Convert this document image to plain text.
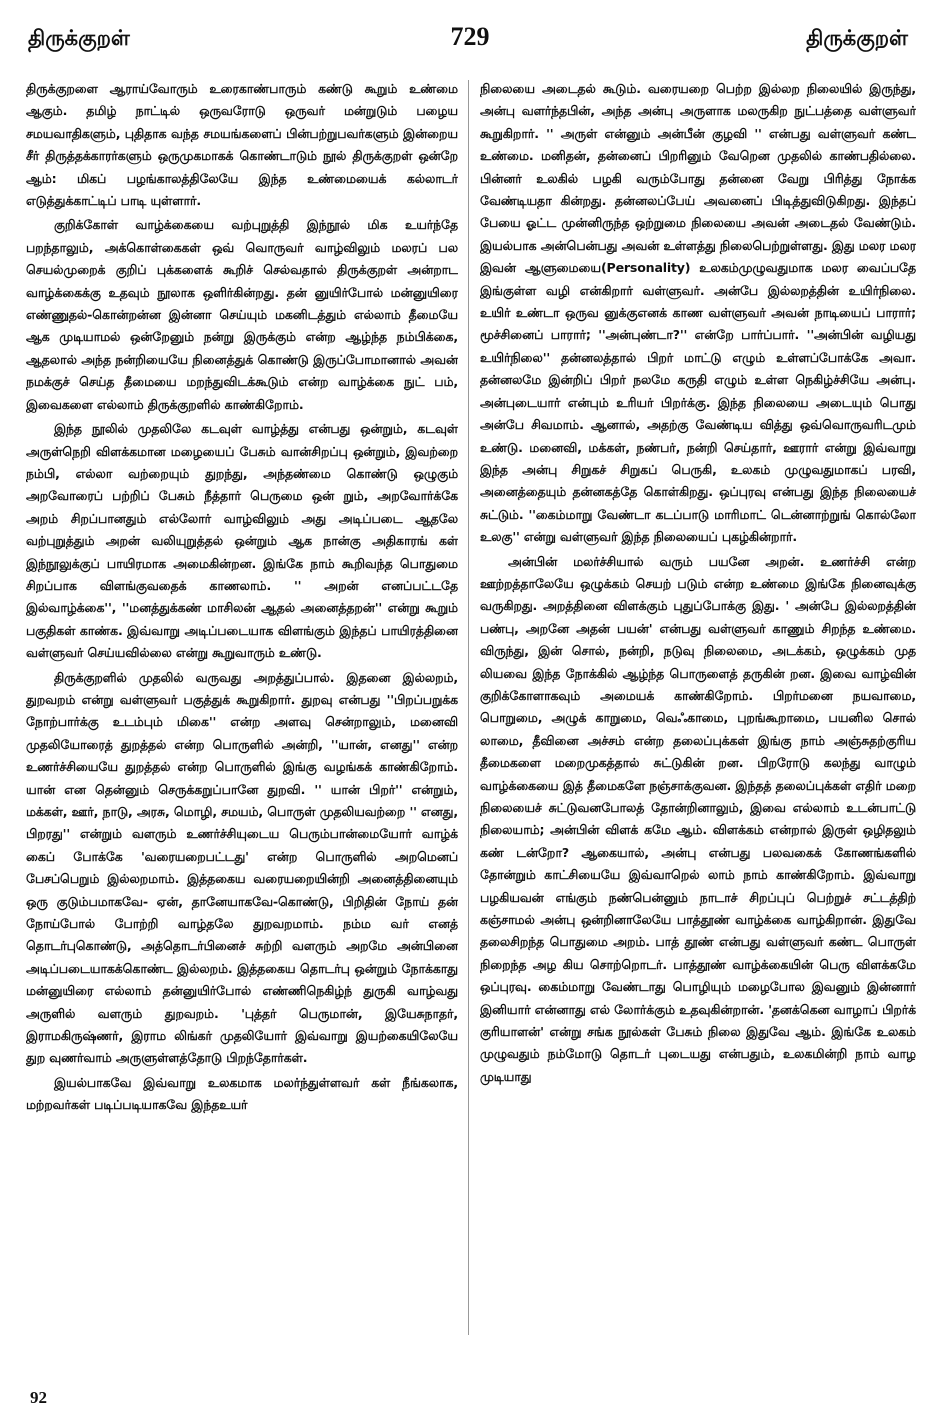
திருக்குறள்	729	திருக்குறள்

திருக்குறளை ஆராய்வோரும் உரைகாண்பாரும் கண்டு கூறும் உண்மை ஆகும். தமிழ் நாட்டில் ஒருவரோடு ஒருவர் மன்றுடும் பழைய சமயவாதிகளும், புதிதாக வந்த சமயங்களைப் பின்பற்றுபவர்களும் இன்றைய சீர் திருத்தக்காரர்களும் ஒருமுகமாகக் கொண்டாடும் நூல் திருக்குறள் ஒன்றே ஆம்: மிகப் பழங்காலத்திலேயே இந்த உண்மையைக் கல்லாடர் எடுத்துக்காட்டிப் பாடி யுள்ளார்.

குறிக்கோள் வாழ்க்கையை வற்புறுத்தி இந்நூல் மிக உயர்ந்தே பறந்தாலும், அக்கொள்கைகள் ஒவ் வொருவர் வாழ்விலும் மலரப் பல செயல்முறைக் குறிப் புக்களைக் கூறிச் செல்வதால் திருக்குறள் அன்றாட வாழ்க்கைக்கு உதவும் நூலாக ஒளிர்கின்றது. தன் னுயிர்போல் மன்னுயிரை எண்ணுதல்-கொன்றன்ன இன்னா செய்யும் மகனிடத்தும் எல்லாம் தீமையே ஆக முடியாமல் ஒன்றேனும் நன்று இருக்கும் என்ற ஆழ்ந்த நம்பிக்கை, ஆதலால் அந்த நன்றியையே நினைத்துக் கொண்டு இருப்போமானால் அவன் நமக்குச் செய்த தீமையை மறந்துவிடக்கூடும் என்ற வாழ்க்கை நுட் பம், இவைகளை எல்லாம் திருக்குறளில் காண்கிறோம்.

இந்த நூலில் முதலிலே கடவுள் வாழ்த்து என்பது ஒன்றும், கடவுள் அருள்நெறி விளக்கமான மழையைப் பேசும் வான்சிறப்பு ஒன்றும், இவற்றை நம்பி, எல்லா வற்றையும் துறந்து, அந்தண்மை கொண்டு ஒழுகும் அறவோரைப் பற்றிப் பேசும் நீத்தார் பெருமை ஒன் றும், அறவோர்க்கே அறம் சிறப்பானதும் எல்லோர் வாழ்விலும் அது அடிப்படை ஆதலே வற்புறுத்தும் அறன் வலியுறுத்தல் ஒன்றும் ஆக நான்கு அதிகாரங் கள் இந்நூலுக்குப் பாயிரமாக அமைகின்றன. இங்கே நாம் கூறிவந்த பொதுமை சிறப்பாக விளங்குவதைக் காணலாம். '' அறன் எனப்பட்டதே இல்வாழ்க்கை'', ''மனத்துக்கண் மாசிலன் ஆதல் அனைத்தறன்'' என்று கூறும் பகுதிகள் காண்க. இவ்வாறு அடிப்படையாக விளங்கும் இந்தப் பாயிரத்தினை வள்ளுவர் செய்யவில்லை என்று கூறுவாரும் உண்டு.

திருக்குறளில் முதலில் வருவது அறத்துப்பால். இதனை இல்லறம், துறவறம் என்று வள்ளுவர் பகுத்துக் கூறுகிறார். துறவு என்பது ''பிறப்பறுக்க நோற்பார்க்கு உடம்பும் மிகை'' என்ற அளவு சென்றாலும், மனைவி முதலியோரைத் துறத்தல் என்ற பொருளில் அன்றி, ''யான், எனது'' என்ற உணர்ச்சியையே துறத்தல் என்ற பொருளில் இங்கு வழங்கக் காண்கிறோம். யான் என தென்னும் செருக்கறுப்பானே துறவி. '' யான் பிறர்'' என்றும், மக்கள், ஊர், நாடு, அரசு, மொழி, சமயம், பொருள் முதலியவற்றை '' எனது, பிறரது'' என்றும் வளரும் உணர்ச்சியுடைய பெரும்பான்மையோர் வாழ்க் கைப் போக்கே 'வரையறைபட்டது' என்ற பொருளில் அறமெனப் பேசப்பெறும் இல்லறமாம். இத்தகைய வரையறையின்றி அனைத்தினையும் ஒரு குடும்பமாகவே- ஏன், தானேயாகவே-கொண்டு, பிறிதின் நோய் தன் நோய்போல் போற்றி வாழ்தலே துறவறமாம். நம்ம வர் எனத் தொடர்புகொண்டு, அத்தொடர்பினைச் சுற்றி வளரும் அறமே அன்பினை அடிப்படையாகக்கொண்ட இல்லறம். இத்தகைய தொடர்பு ஒன்றும் நோக்காது மன்னுயிரை எல்லாம் தன்னுயிர்போல் எண்ணிநெகிழ்ந் துருகி வாழ்வது அருளில் வளரும் துறவறம். 'புத்தர் பெருமான், இயேசுநாதர், இராமகிருஷ்ணர், இராம லிங்கர் முதலியோர் இவ்வாறு இயற்கையிலேயே துற வுணர்வாம் அருளுள்ளத்தோடு பிறந்தோர்கள்.

இயல்பாகவே இவ்வாறு உலகமாக மலர்ந்துள்ளவர் கள் நீங்கலாக, மற்றவர்கள் படிப்படியாகவே இந்தஉயர்

நிலையை அடைதல் கூடும். வரையறை பெற்ற இல்லற நிலையில் இருந்து, அன்பு வளர்ந்தபின், அந்த அன்பு அருளாக மலருகிற நுட்பத்தை வள்ளுவர் கூறுகிறார். '' அருள் என்னும் அன்பீன் குழவி '' என்பது வள்ளுவர் கண்ட உண்மை. மனிதன், தன்னைப் பிறரினும் வேறென முதலில் காண்பதில்லை. பின்னர் உலகில் பழகி வரும்போது தன்னை வேறு பிரித்து நோக்க வேண்டியதா கின்றது. தன்னலப்பேய் அவனைப் பிடித்துவிடுகிறது. இந்தப் பேயை ஓட்ட முன்னிருந்த ஒற்றுமை நிலையை அவன் அடைதல் வேண்டும். இயல்பாக அன்பென்பது அவன் உள்ளத்து நிலைபெற்றுள்ளது. இது மலர மலர இவன் ஆளுமையை(Personality) உலகம்முழுவதுமாக மலர வைப்பதே இங்குள்ள வழி என்கிறார் வள்ளுவர். அன்பே இல்லறத்தின் உயிர்நிலை. உயிர் உண்டா ஒருவ னுக்குஎனக் காண வள்ளுவர் அவன் நாடியைப் பாரார்; மூச்சினைப் பாரார்; ''அன்புண்டா?'' என்றே பார்ப்பார். ''அன்பின் வழியது உயிர்நிலை'' தன்னலத்தால் பிறர் மாட்டு எழும் உள்ளப்போக்கே அவா. தன்னலமே இன்றிப் பிறர் நலமே கருதி எழும் உள்ள நெகிழ்ச்சியே அன்பு. அன்புடையார் என்பும் உரியர் பிறர்க்கு. இந்த நிலையை அடையும் பொது அன்பே சிவமாம். ஆனால், அதற்கு வேண்டிய வித்து ஒவ்வொருவரிடமும் உண்டு. மனைவி, மக்கள், நண்பர், நன்றி செய்தார், ஊரார் என்று இவ்வாறு இந்த அன்பு சிறுகச் சிறுகப் பெருகி, உலகம் முழுவதுமாகப் பரவி, அனைத்தையும் தன்னகத்தே கொள்கிறது. ஒப்புரவு என்பது இந்த நிலையைச் சுட்டும். ''கைம்மாறு வேண்டா கடப்பாடு மாரிமாட் டென்னாற்றுங் கொல்லோ உலகு'' என்று வள்ளுவர் இந்த நிலையைப் புகழ்கின்றார்.

அன்பின் மலர்ச்சியால் வரும் பயனே அறன். உணர்ச்சி என்ற ஊற்றத்தாலேயே ஒழுக்கம் செயற் படும் என்ற உண்மை இங்கே நினைவுக்கு வருகிறது. அறத்தினை விளக்கும் புதுப்போக்கு இது. ' அன்பே இல்லறத்தின் பண்பு, அறனே அதன் பயன்' என்பது வள்ளுவர் காணும் சிறந்த உண்மை. விருந்து, இன் சொல், நன்றி, நடுவு நிலைமை, அடக்கம், ஒழுக்கம் முத லியவை இந்த நோக்கில் ஆழ்ந்த பொருளைத் தருகின் றன. இவை வாழ்வின் குறிக்கோளாகவும் அமையக் காண்கிறோம். பிறர்மனை நயவாமை, பொறுமை, அழுக் காறுமை, வெஃகாமை, புறங்கூறாமை, பயனில சொல் லாமை, தீவினை அச்சம் என்ற தலைப்புக்கள் இங்கு நாம் அஞ்சுதற்குரிய தீமைகளை மறைமுகத்தால் சுட்டுகின் றன. பிறரோடு கலந்து வாழும் வாழ்க்கையை இத் தீமைகளே நஞ்சாக்குவன. இந்தத் தலைப்புக்கள் எதிர் மறை நிலையைச் சுட்டுவனபோலத் தோன்றினாலும், இவை எல்லாம் உடன்பாட்டு நிலையாம்; அன்பின் விளக் கமே ஆம். விளக்கம் என்றால் இருள் ஒழிதலும் கண் டன்றோ? ஆகையால், அன்பு என்பது பலவகைக் கோணங்களில் தோன்றும் காட்சியையே இவ்வாறெல் லாம் நாம் காண்கிறோம். இவ்வாறு பழகியவன் எங்கும் நண்பென்னும் நாடாச் சிறப்புப் பெற்றுச் சட்டத்திற் கஞ்சாமல் அன்பு ஒன்றினாலேயே பாத்தூண் வாழ்க்கை வாழ்கிறான். இதுவே தலைசிறந்த பொதுமை அறம். பாத் தூண் என்பது வள்ளுவர் கண்ட பொருள் நிறைந்த அழ கிய சொற்றொடர். பாத்தூண் வாழ்க்கையின் பெரு விளக்கமே ஒப்புரவு. கைம்மாறு வேண்டாது பொழியும் மழைபோல இவனும் இன்னார் இனியார் என்னாது எல் லோர்க்கும் உதவுகின்றான். 'தனக்கென வாழாப் பிறர்க் குரியாளன்' என்று சங்க நூல்கள் பேசும் நிலை இதுவே ஆம். இங்கே உலகம் முழுவதும் நம்மோடு தொடர் புடையது என்பதும், உலகமின்றி நாம் வாழ முடியாது

92
